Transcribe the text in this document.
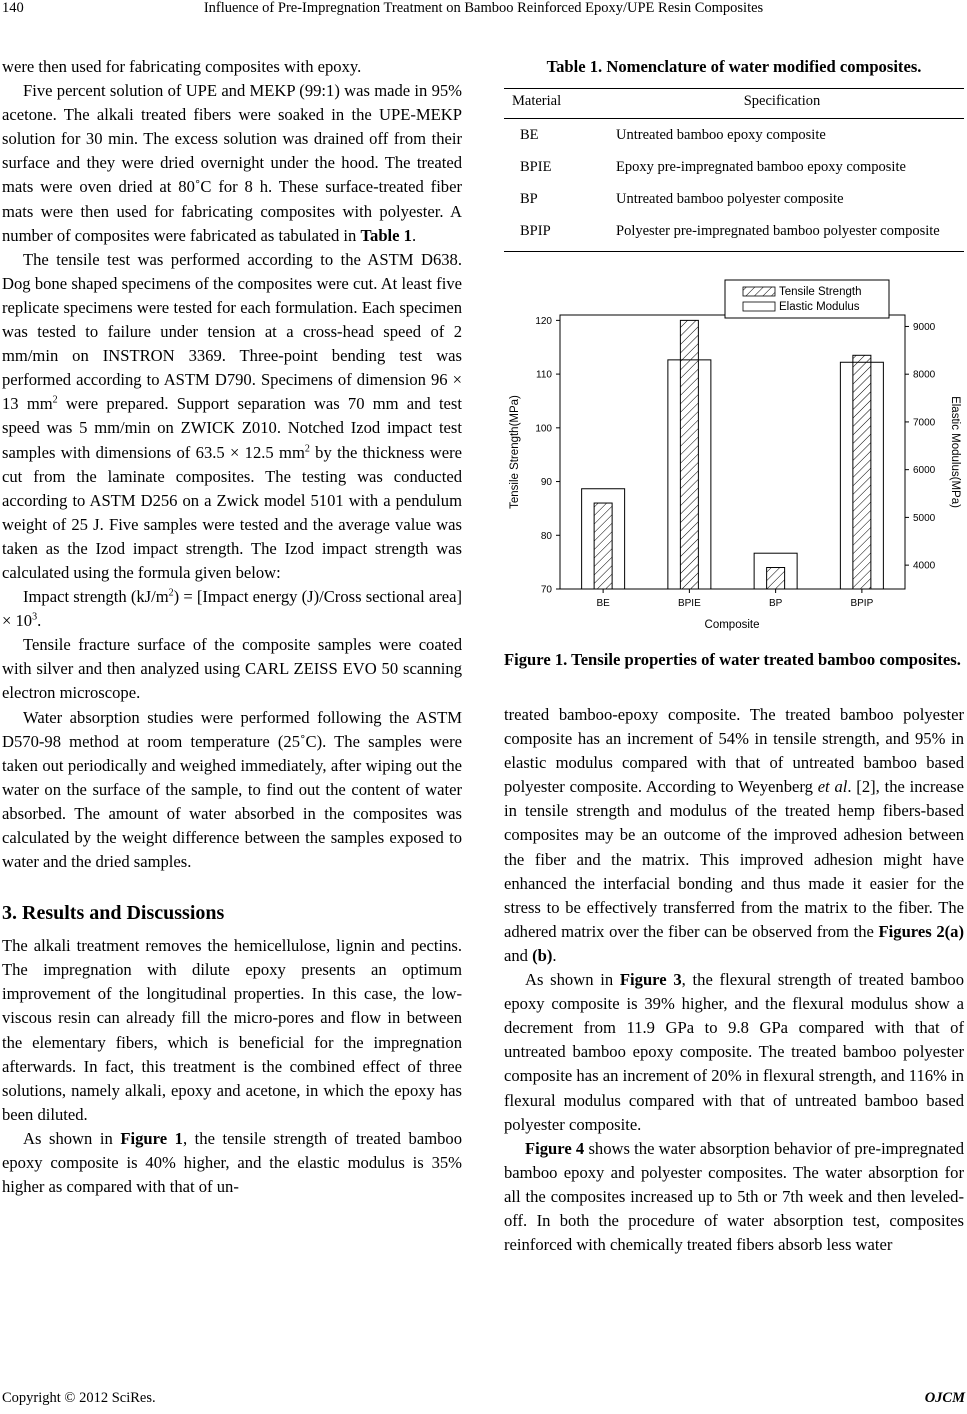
140	Influence of Pre-Impregnation Treatment on Bamboo Reinforced Epoxy/UPE Resin Composites

were then used for fabricating composites with epoxy.

Five percent solution of UPE and MEKP (99:1) was made in 95% acetone. The alkali treated fibers were soaked in the UPE-MEKP solution for 30 min. The excess solution was drained off from their surface and they were dried overnight under the hood. The treated mats were oven dried at 80˚C for 8 h. These surface-treated fiber mats were then used for fabricating composites with polyester. A number of composites were fabricated as tabulated in Table 1.

The tensile test was performed according to the ASTM D638. Dog bone shaped specimens of the composites were cut. At least five replicate specimens were tested for each formulation. Each specimen was tested to failure under tension at a cross-head speed of 2 mm/min on INSTRON 3369. Three-point bending test was performed according to ASTM D790. Specimens of dimension 96 × 13 $mm^2$ were prepared. Support separation was 70 mm and test speed was 5 mm/min on ZWICK Z010. Notched Izod impact test samples with dimensions of 63.5 × 12.5 $mm^2$ by the thickness were cut from the laminate composites. The testing was conducted according to ASTM D256 on a Zwick model 5101 with a pendulum weight of 25 J. Five samples were tested and the average value was taken as the Izod impact strength. The Izod impact strength was calculated using the formula given below:

Impact strength $(kJ/m^2)$ = [Impact energy (J)/Cross sectional area] × $10^3$.

Tensile fracture surface of the composite samples were coated with silver and then analyzed using CARL ZEISS EVO 50 scanning electron microscope.

Water absorption studies were performed following the ASTM D570-98 method at room temperature (25˚C). The samples were taken out periodically and weighed immediately, after wiping out the water on the surface of the sample, to find out the content of water absorbed. The amount of water absorbed in the composites was calculated by the weight difference between the samples exposed to water and the dried samples.

3. Results and Discussions

The alkali treatment removes the hemicellulose, lignin and pectins. The impregnation with dilute epoxy presents an optimum improvement of the longitudinal properties. In this case, the low-viscous resin can already fill the micro-pores and flow in between the elementary fibers, which is beneficial for the impregnation afterwards. In fact, this treatment is the combined effect of three solutions, namely alkali, epoxy and acetone, in which the epoxy has been diluted.

As shown in Figure 1, the tensile strength of treated bamboo epoxy composite is 40% higher, and the elastic modulus is 35% higher as compared with that of un-

Table 1. Nomenclature of water modified composites.
Material	Specification
BE	Untreated bamboo epoxy composite
BPIE	Epoxy pre-impregnated bamboo epoxy composite
BP	Untreated bamboo polyester composite
BPIP	Polyester pre-impregnated bamboo polyester composite
BE	BPIE	BP	BPIP
70
80
90
100
110
120
4000
5000
6000
7000
8000
9000
Composite
Tensile Strength(MPa)	Elastic Modulus(MPa)
Tensile Strength
Elastic Modulus
Figure 1. Tensile properties of water treated bamboo composites.

treated bamboo-epoxy composite. The treated bamboo polyester composite has an increment of 54% in tensile strength, and 95% in elastic modulus compared with that of untreated bamboo based polyester composite. According to Weyenberg et al. [2], the increase in tensile strength and modulus of the treated hemp fibers-based composites may be an outcome of the improved adhesion between the fiber and the matrix. This improved adhesion might have enhanced the interfacial bonding and thus made it easier for the stress to be effectively transferred from the matrix to the fiber. The adhered matrix over the fiber can be observed from the Figures 2(a) and (b).

As shown in Figure 3, the flexural strength of treated bamboo epoxy composite is 39% higher, and the flexural modulus show a decrement from 11.9 GPa to 9.8 GPa compared with that of untreated bamboo epoxy composite. The treated bamboo polyester composite has an increment of 20% in flexural strength, and 116% in flexural modulus compared with that of untreated bamboo based polyester composite.

Figure 4 shows the water absorption behavior of pre-impregnated bamboo epoxy and polyester composites. The water absorption for all the composites increased up to 5th or 7th week and then leveled-off. In both the procedure of water absorption test, composites reinforced with chemically treated fibers absorb less water

Copyright © 2012 SciRes.	OJCM
